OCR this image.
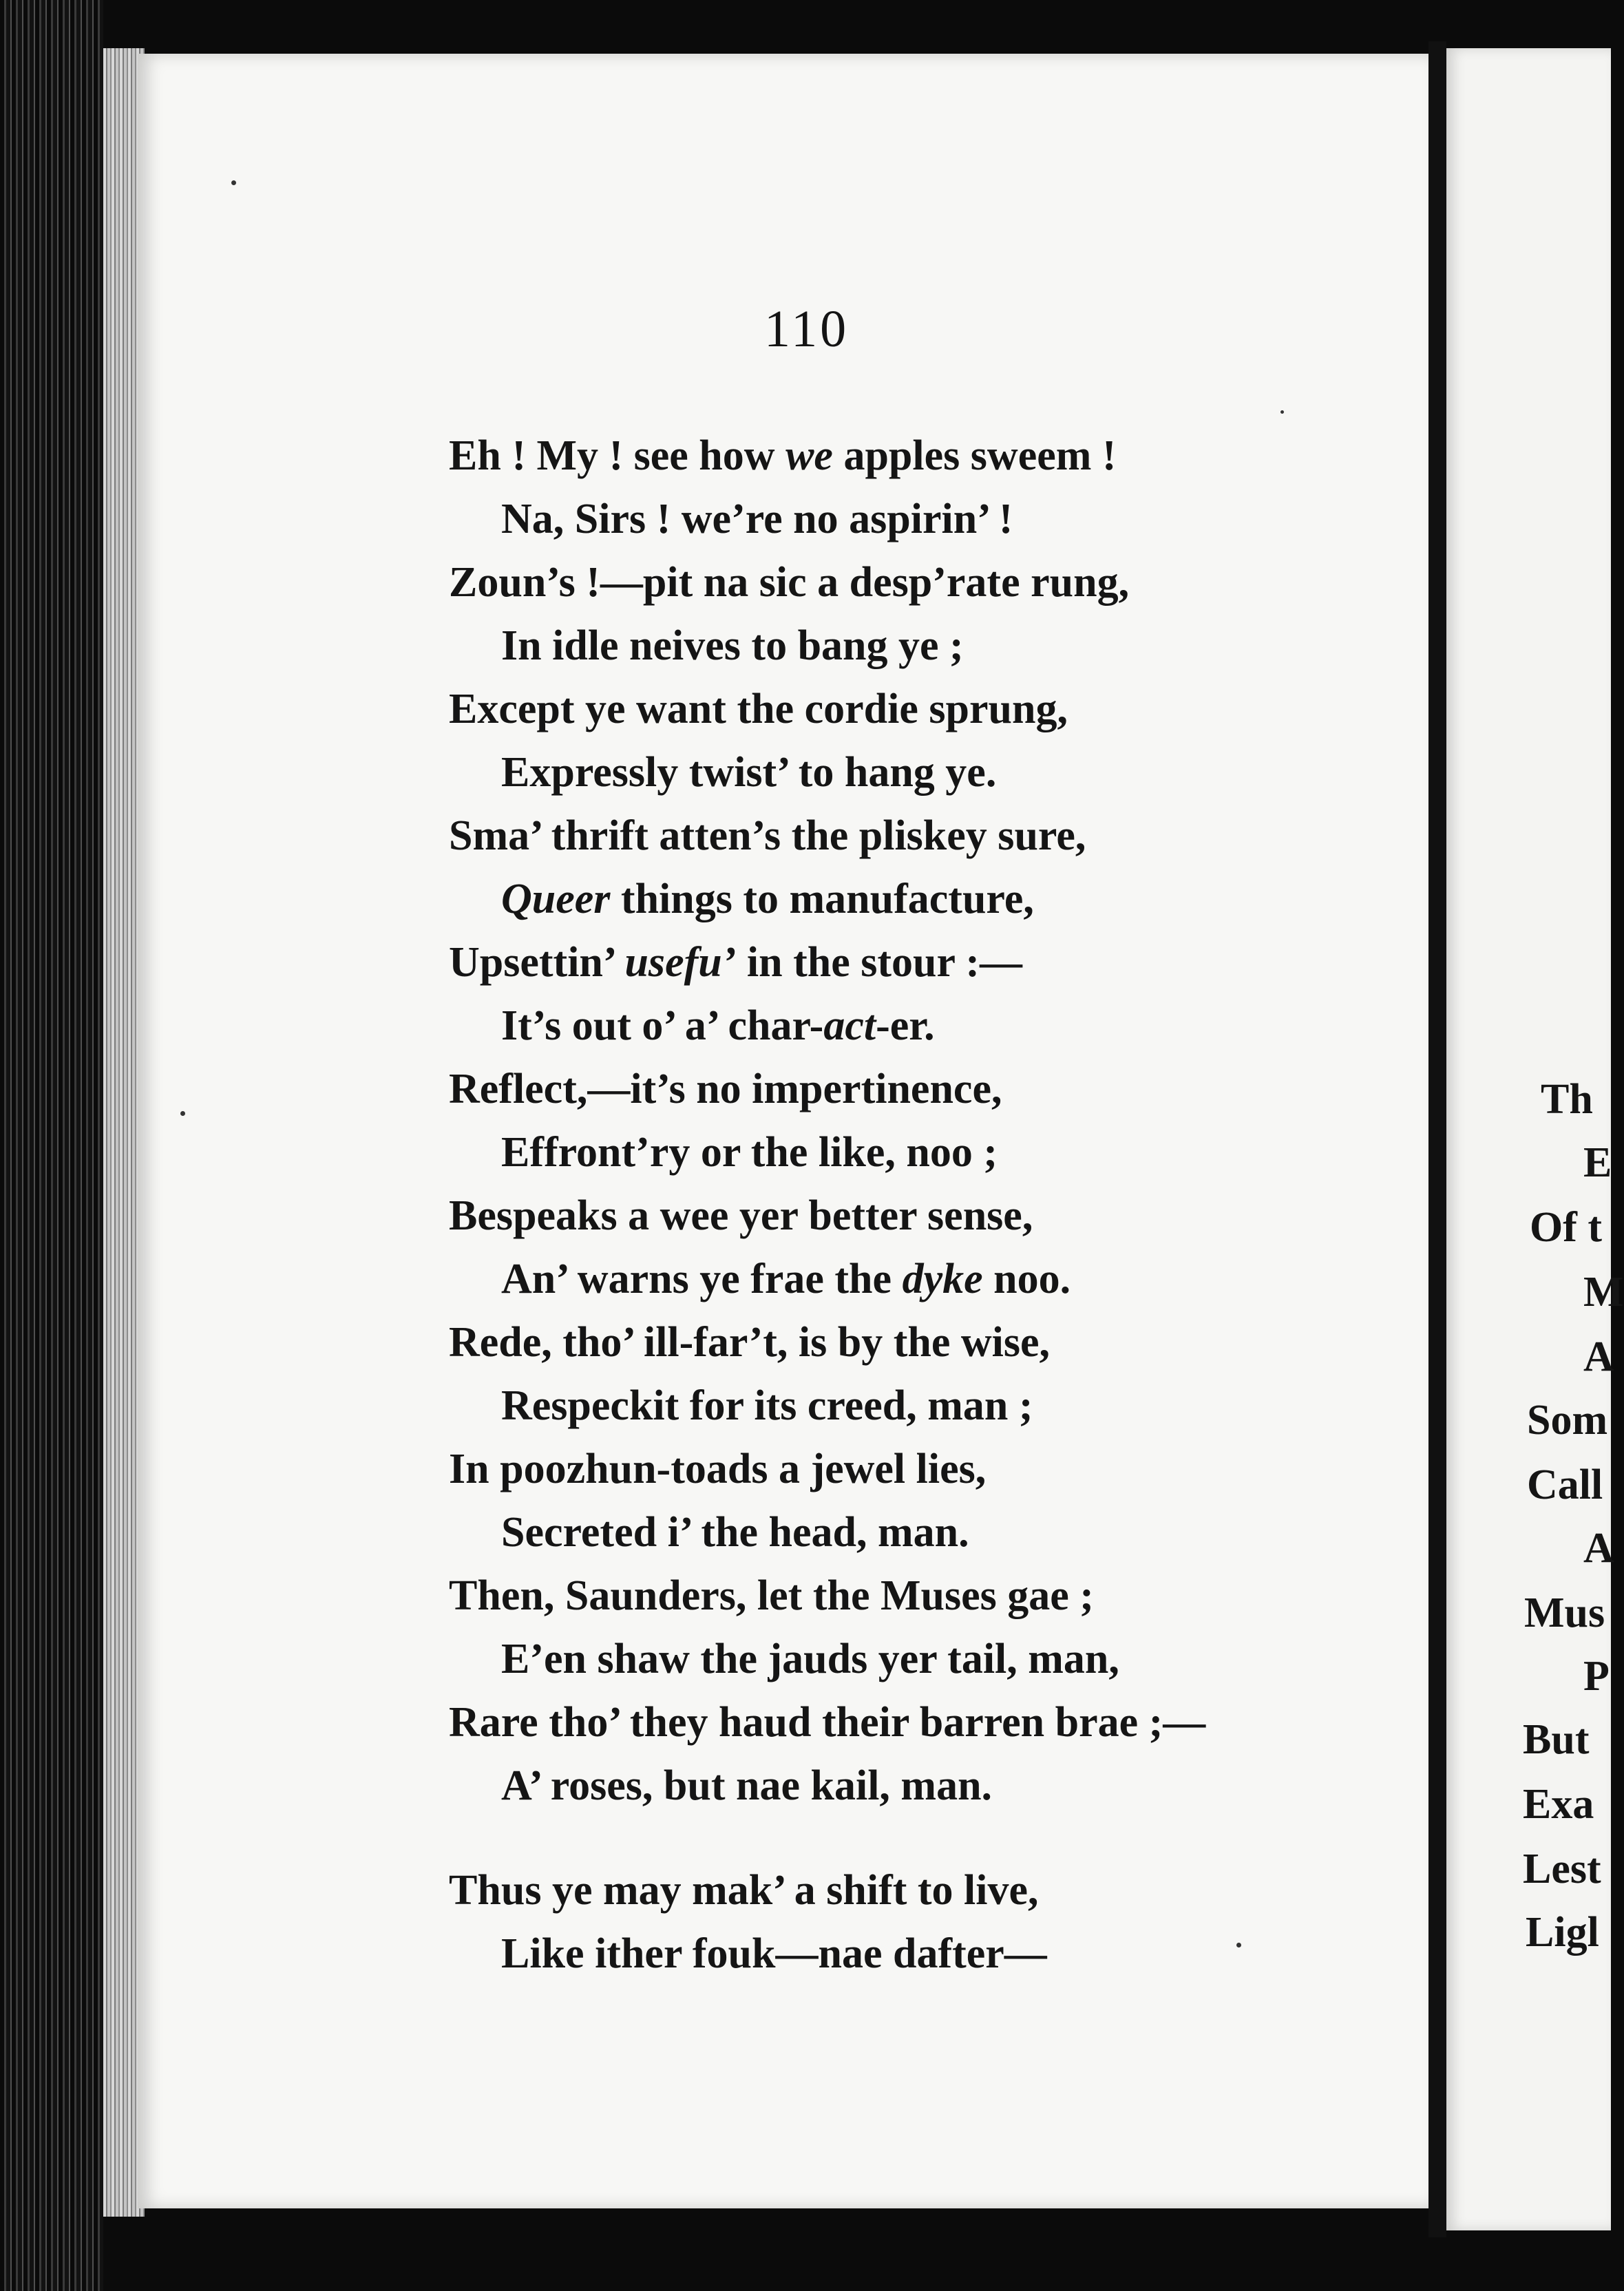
110
Eh ! My ! see how we apples sweem !
Na, Sirs ! we’re no aspirin’ !
Zoun’s !—pit na sic a desp’rate rung,
In idle neives to bang ye ;
Except ye want the cordie sprung,
Expressly twist’ to hang ye.
Sma’ thrift atten’s the pliskey sure,
Queer things to manufacture,
Upsettin’ usefu’ in the stour :—
It’s out o’ a’ char-act-er.
Reflect,—it’s no impertinence,
Effront’ry or the like, noo ;
Bespeaks a wee yer better sense,
An’ warns ye frae the dyke noo.
Rede, tho’ ill-far’t, is by the wise,
Respeckit for its creed, man ;
In poozhun-toads a jewel lies,
Secreted i’ the head, man.
Then, Saunders, let the Muses gae ;
E’en shaw the jauds yer tail, man,
Rare tho’ they haud their barren brae ;—
A’ roses, but nae kail, man.
Thus ye may mak’ a shift to live,
Like ither fouk—nae dafter—
Th
E
Of t
M
A
Som
Call
A
Mus
P
But
Exa
Lest
Ligl
